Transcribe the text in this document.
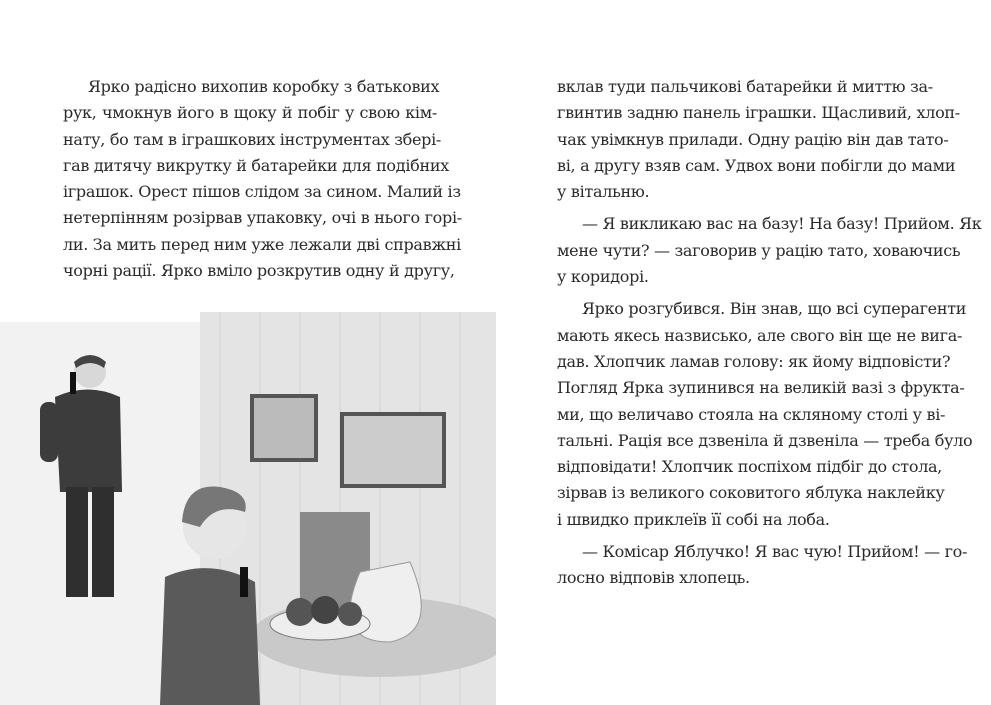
Ярко радісно вихопив коробку з батькових
рук, чмокнув його в щоку й побіг у свою кім-
нату, бо там в іграшкових інструментах збері-
гав дитячу викрутку й батарейки для подібних
іграшок. Орест пішов слідом за сином. Малий із
нетерпінням розірвав упаковку, очі в нього горі-
ли. За мить перед ним уже лежали дві справжні
чорні рації. Ярко вміло розкрутив одну й другу,
вклав туди пальчикові батарейки й миттю за-
гвинтив задню панель іграшки. Щасливий, хлоп-
чак увімкнув прилади. Одну рацію він дав тато-
ві, а другу взяв сам. Удвох вони побігли до мами
у вітальню.
— Я викликаю вас на базу! На базу! Прийом. Як
мене чути? — заговорив у рацію тато, ховаючись
у коридорі.
Ярко розгубився. Він знав, що всі суперагенти
мають якесь назвисько, але свого він ще не вига-
дав. Хлопчик ламав голову: як йому відповісти?
Погляд Ярка зупинився на великій вазі з фрукта-
ми, що величаво стояла на скляному столі у ві-
тальні. Рація все дзвеніла й дзвеніла — треба було
відповідати! Хлопчик поспіхом підбіг до стола,
зірвав із великого соковитого яблука наклейку
і швидко приклеїв її собі на лоба.
— Комісар Яблучко! Я вас чую! Прийом! — го-
лосно відповів хлопець.
